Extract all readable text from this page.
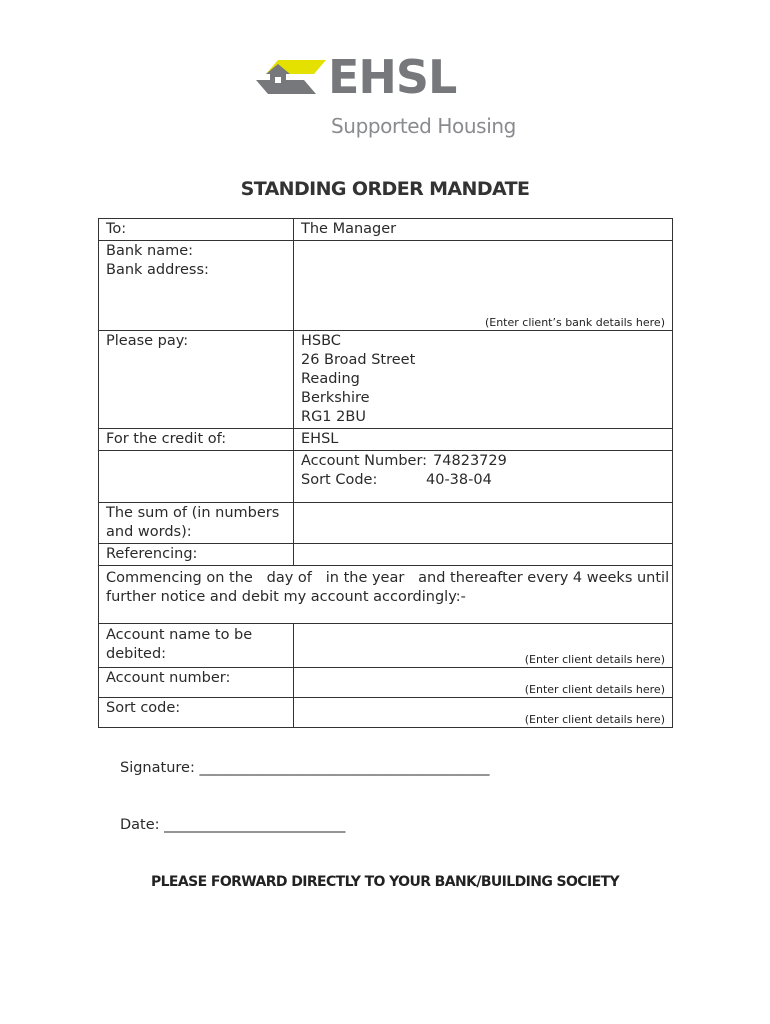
EHSL
Supported Housing
STANDING ORDER MANDATE
To:	The Manager

Bank name:
Bank address:	(Enter client’s bank details here)

Please pay:	HSBC
26 Broad Street
Reading
Berkshire
RG1 2BU

For the credit of:	EHSL

	Account Number: 74823729
Sort Code: 40-38-04

The sum of (in numbers
and words):	

Referencing:	

Commencing on the   day of   in the year   and thereafter every 4 weeks until
further notice and debit my account accordingly:-	

Account name to be
debited:	(Enter client details here)

Account number:	(Enter client details here)

Sort code:	(Enter client details here)
Signature: ________________________________________
Date: _________________________
PLEASE FORWARD DIRECTLY TO YOUR BANK/BUILDING SOCIETY
